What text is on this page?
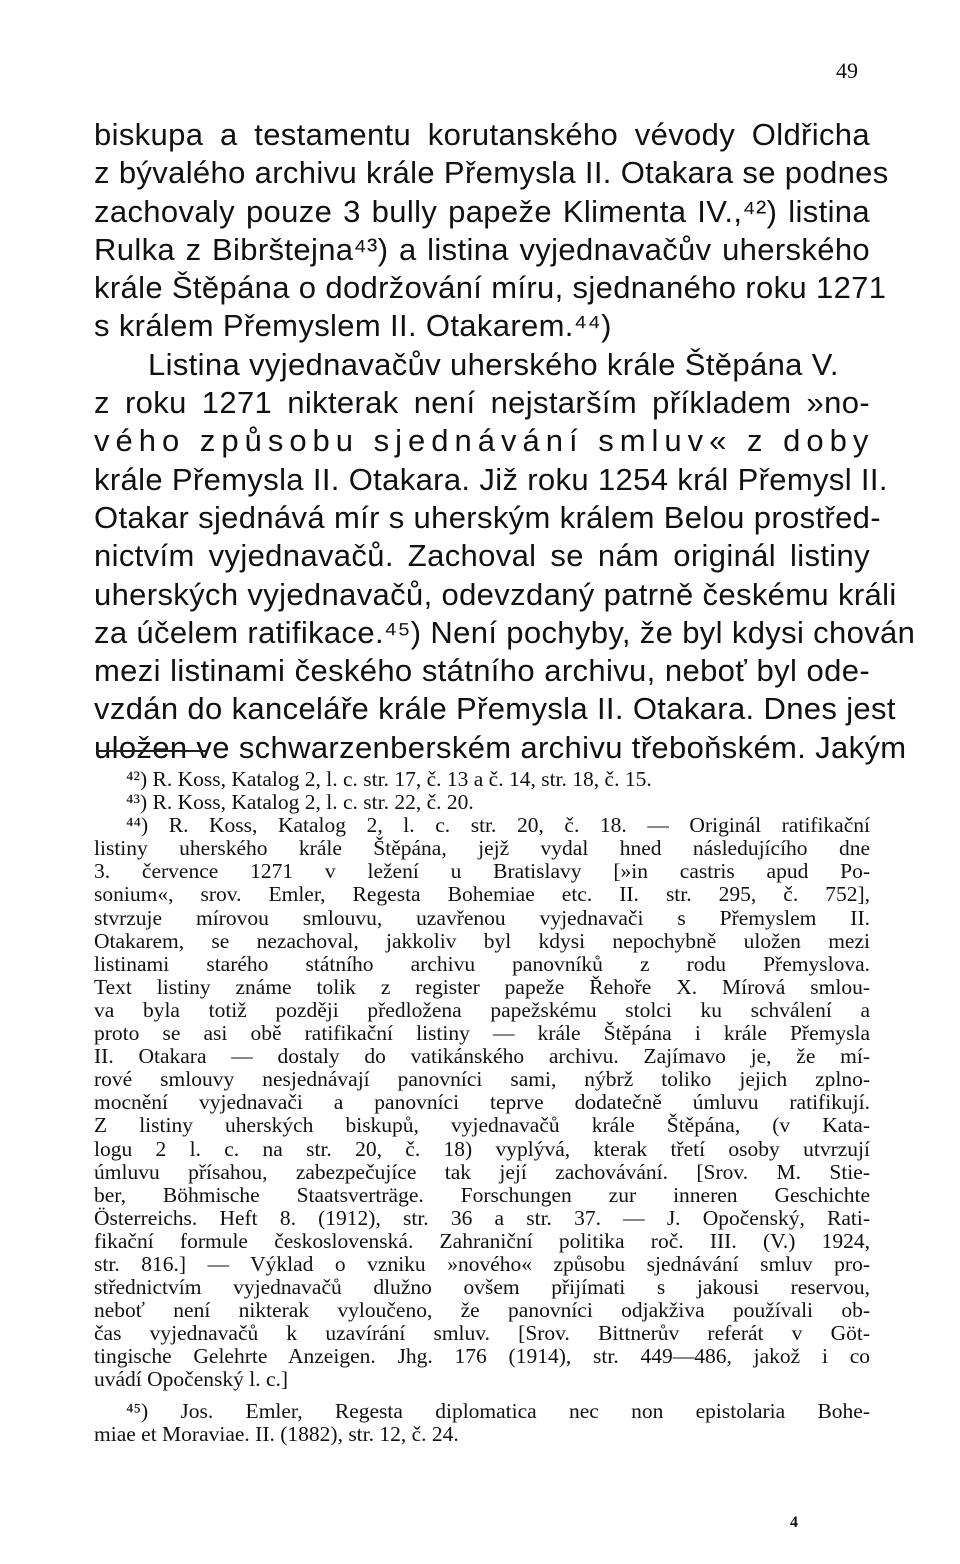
49
biskupa a testamentu korutanského vévody Oldřicha
z bývalého archivu krále Přemysla II. Otakara se podnes
zachovaly pouze 3 bully papeže Klimenta IV.,⁴²) listina
Rulka z Bibrštejna⁴³) a listina vyjednavačův uherského
krále Štěpána o dodržování míru, sjednaného roku 1271
s králem Přemyslem II. Otakarem.⁴⁴)
Listina vyjednavačův uherského krále Štěpána V.
z roku 1271 nikterak není nejstarším příkladem »no-
vého způsobu sjednávání smluv« z doby
krále Přemysla II. Otakara. Již roku 1254 král Přemysl II.
Otakar sjednává mír s uherským králem Belou prostřed-
nictvím vyjednavačů. Zachoval se nám originál listiny
uherských vyjednavačů, odevzdaný patrně českému králi
za účelem ratifikace.⁴⁵) Není pochyby, že byl kdysi chován
mezi listinami českého státního archivu, neboť byl ode-
vzdán do kanceláře krále Přemysla II. Otakara. Dnes jest
uložen ve schwarzenberském archivu třeboňském. Jakým
⁴²) R. Koss, Katalog 2, l. c. str. 17, č. 13 a č. 14, str. 18, č. 15.
⁴³) R. Koss, Katalog 2, l. c. str. 22, č. 20.
⁴⁴) R. Koss, Katalog 2, l. c. str. 20, č. 18. — Originál ratifikační
listiny uherského krále Štěpána, jejž vydal hned následujícího dne
3. července 1271 v ležení u Bratislavy [»in castris apud Po-
sonium«, srov. Emler, Regesta Bohemiae etc. II. str. 295, č. 752],
stvrzuje mírovou smlouvu, uzavřenou vyjednavači s Přemyslem II.
Otakarem, se nezachoval, jakkoliv byl kdysi nepochybně uložen mezi
listinami starého státního archivu panovníků z rodu Přemyslova.
Text listiny známe tolik z register papeže Řehoře X. Mírová smlou-
va byla totiž později předložena papežskému stolci ku schválení a
proto se asi obě ratifikační listiny — krále Štěpána i krále Přemysla
II. Otakara — dostaly do vatikánského archivu. Zajímavo je, že mí-
rové smlouvy nesjednávají panovníci sami, nýbrž toliko jejich zplno-
mocnění vyjednavači a panovníci teprve dodatečně úmluvu ratifikují.
Z listiny uherských biskupů, vyjednavačů krále Štěpána, (v Kata-
logu 2 l. c. na str. 20, č. 18) vyplývá, kterak třetí osoby utvrzují
úmluvu přísahou, zabezpečujíce tak její zachovávání. [Srov. M. Stie-
ber, Böhmische Staatsverträge. Forschungen zur inneren Geschichte
Österreichs. Heft 8. (1912), str. 36 a str. 37. — J. Opočenský, Rati-
fikační formule československá. Zahraniční politika roč. III. (V.) 1924,
str. 816.] — Výklad o vzniku »nového« způsobu sjednávání smluv pro-
střednictvím vyjednavačů dlužno ovšem přijímati s jakousi reservou,
neboť není nikterak vyloučeno, že panovníci odjakživa používali ob-
čas vyjednavačů k uzavírání smluv. [Srov. Bittnerův referát v Göt-
tingische Gelehrte Anzeigen. Jhg. 176 (1914), str. 449—486, jakož i co
uvádí Opočenský l. c.]
⁴⁵) Jos. Emler, Regesta diplomatica nec non epistolaria Bohe-
miae et Moraviae. II. (1882), str. 12, č. 24.
4
